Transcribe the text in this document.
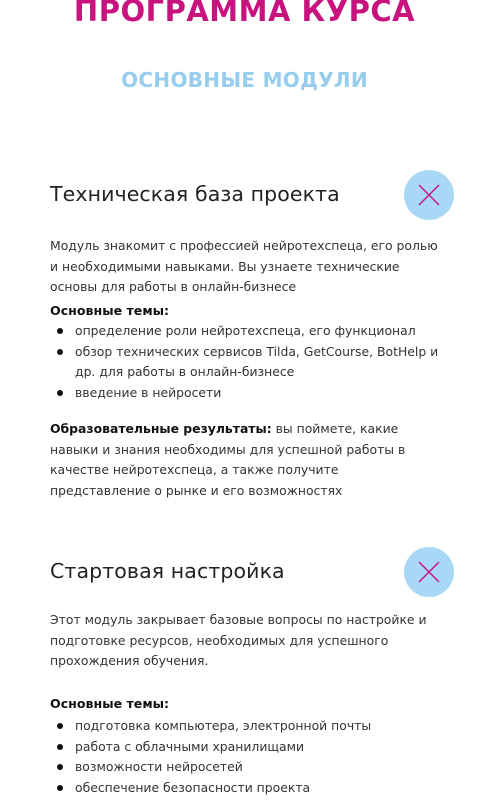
ПРОГРАММА КУРСА
ОСНОВНЫЕ МОДУЛИ
Техническая база проекта

Модуль знакомит с профессией нейротехспеца, его ролью и необходимыми навыками. Вы узнаете технические основы для работы в онлайн-бизнесе

Основные темы:

определение роли нейротехспеца, его функционал
обзор технических сервисов Tilda, GetCourse, BotHelp и др. для работы в онлайн-бизнесе
введение в нейросети

Образовательные результаты: вы поймете, какие навыки и знания необходимы для успешной работы в качестве нейротехспеца, а также получите представление о рынке и его возможностях

Стартовая настройка

Этот модуль закрывает базовые вопросы по настройке и подготовке ресурсов, необходимых для успешного прохождения обучения.

Основные темы:

подготовка компьютера, электронной почты
работа с облачными хранилищами
возможности нейросетей
обеспечение безопасности проекта
